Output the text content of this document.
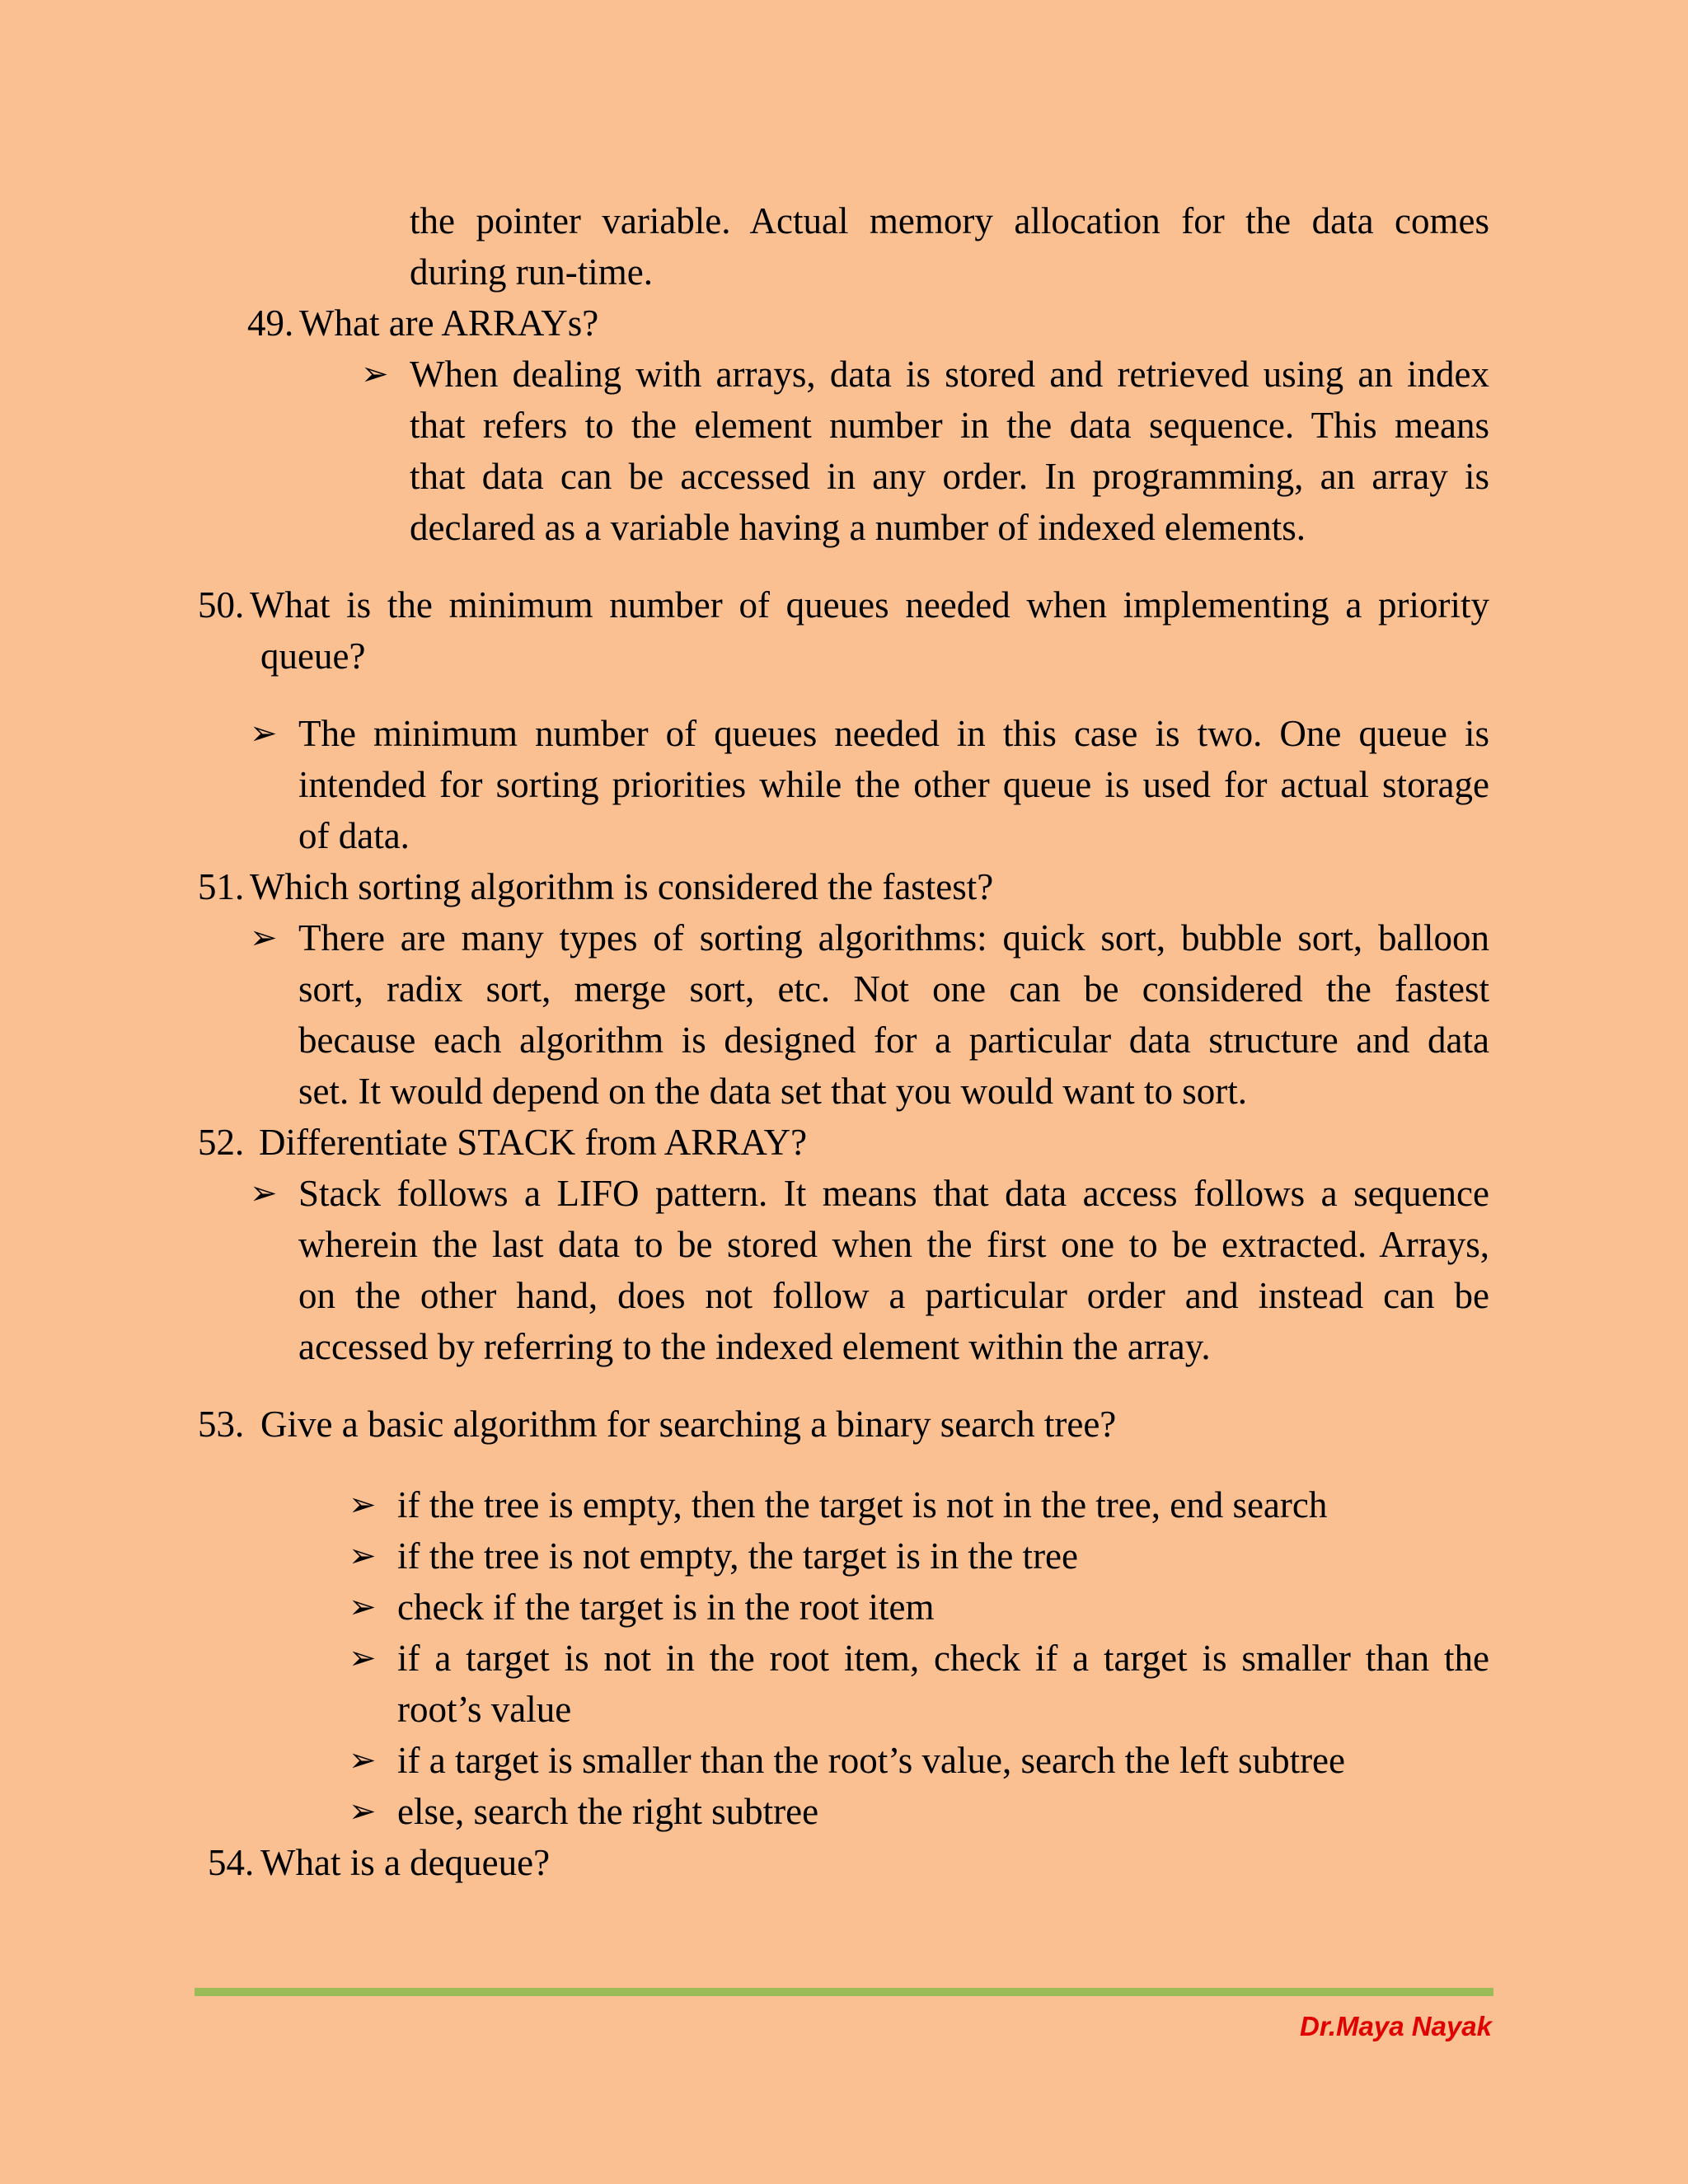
the pointer variable. Actual memory allocation for the data comes
during run-time.
49. What are ARRAYs?
➢ When dealing with arrays, data is stored and retrieved using an index
that refers to the element number in the data sequence. This means
that data can be accessed in any order. In programming, an array is
declared as a variable having a number of indexed elements.
50. What is the minimum number of queues needed when implementing a priority
queue?
➢ The minimum number of queues needed in this case is two. One queue is
intended for sorting priorities while the other queue is used for actual storage
of data.
51. Which sorting algorithm is considered the fastest?
➢ There are many types of sorting algorithms: quick sort, bubble sort, balloon
sort, radix sort, merge sort, etc. Not one can be considered the fastest
because each algorithm is designed for a particular data structure and data
set. It would depend on the data set that you would want to sort.
52. Differentiate STACK from ARRAY?
➢ Stack follows a LIFO pattern. It means that data access follows a sequence
wherein the last data to be stored when the first one to be extracted. Arrays,
on the other hand, does not follow a particular order and instead can be
accessed by referring to the indexed element within the array.
53. Give a basic algorithm for searching a binary search tree?
➢ if the tree is empty, then the target is not in the tree, end search
➢ if the tree is not empty, the target is in the tree
➢ check if the target is in the root item
➢ if a target is not in the root item, check if a target is smaller than the
root’s value
➢ if a target is smaller than the root’s value, search the left subtree
➢ else, search the right subtree
54. What is a dequeue?
Dr.Maya Nayak
